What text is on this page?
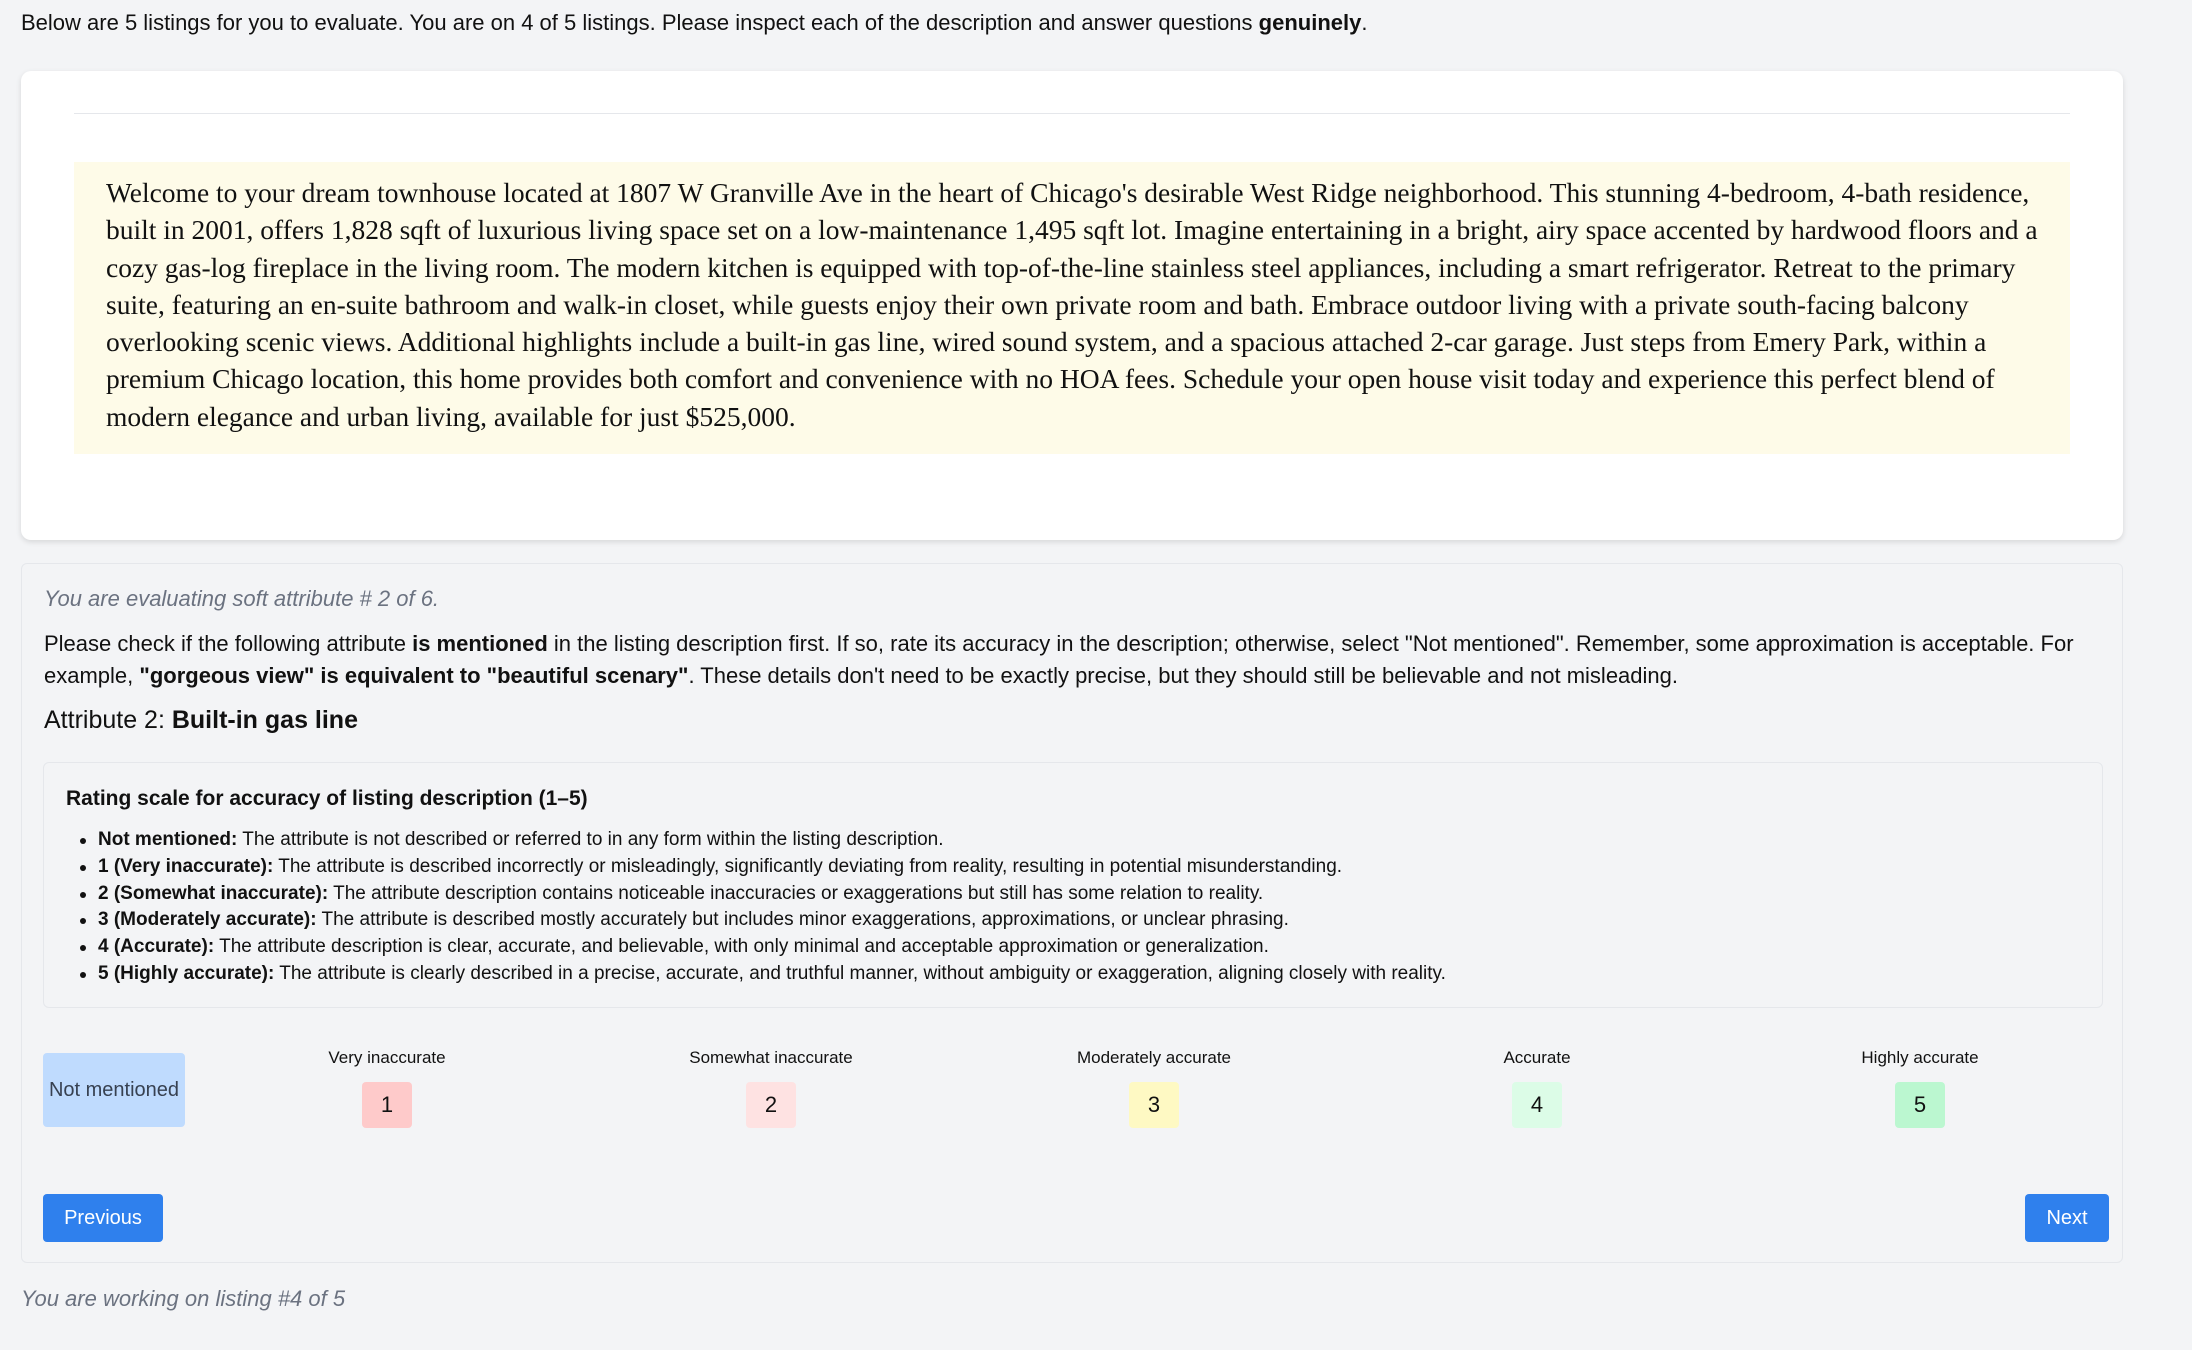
Below are 5 listings for you to evaluate. You are on 4 of 5 listings. Please inspect each of the description and answer questions genuinely.
Welcome to your dream townhouse located at 1807 W Granville Ave in the heart of Chicago's desirable West Ridge neighborhood. This stunning 4-bedroom, 4-bath residence, built in 2001, offers 1,828 sqft of luxurious living space set on a low-maintenance 1,495 sqft lot. Imagine entertaining in a bright, airy space accented by hardwood floors and a cozy gas-log fireplace in the living room. The modern kitchen is equipped with top-of-the-line stainless steel appliances, including a smart refrigerator. Retreat to the primary suite, featuring an en-suite bathroom and walk-in closet, while guests enjoy their own private room and bath. Embrace outdoor living with a private south-facing balcony overlooking scenic views. Additional highlights include a built-in gas line, wired sound system, and a spacious attached 2-car garage. Just steps from Emery Park, within a premium Chicago location, this home provides both comfort and convenience with no HOA fees. Schedule your open house visit today and experience this perfect blend of modern elegance and urban living, available for just $525,000.
You are evaluating soft attribute # 2 of 6.
Please check if the following attribute is mentioned in the listing description first. If so, rate its accuracy in the description; otherwise, select "Not mentioned". Remember, some approximation is acceptable. For example, "gorgeous view" is equivalent to "beautiful scenary". These details don't need to be exactly precise, but they should still be believable and not misleading.
Attribute 2: Built-in gas line
Rating scale for accuracy of listing description (1–5)
Not mentioned: The attribute is not described or referred to in any form within the listing description.
1 (Very inaccurate): The attribute is described incorrectly or misleadingly, significantly deviating from reality, resulting in potential misunderstanding.
2 (Somewhat inaccurate): The attribute description contains noticeable inaccuracies or exaggerations but still has some relation to reality.
3 (Moderately accurate): The attribute is described mostly accurately but includes minor exaggerations, approximations, or unclear phrasing.
4 (Accurate): The attribute description is clear, accurate, and believable, with only minimal and acceptable approximation or generalization.
5 (Highly accurate): The attribute is clearly described in a precise, accurate, and truthful manner, without ambiguity or exaggeration, aligning closely with reality.
Not mentioned
Very inaccurate
1
Somewhat inaccurate
2
Moderately accurate
3
Accurate
4
Highly accurate
5
Previous	Next
You are working on listing #4 of 5
